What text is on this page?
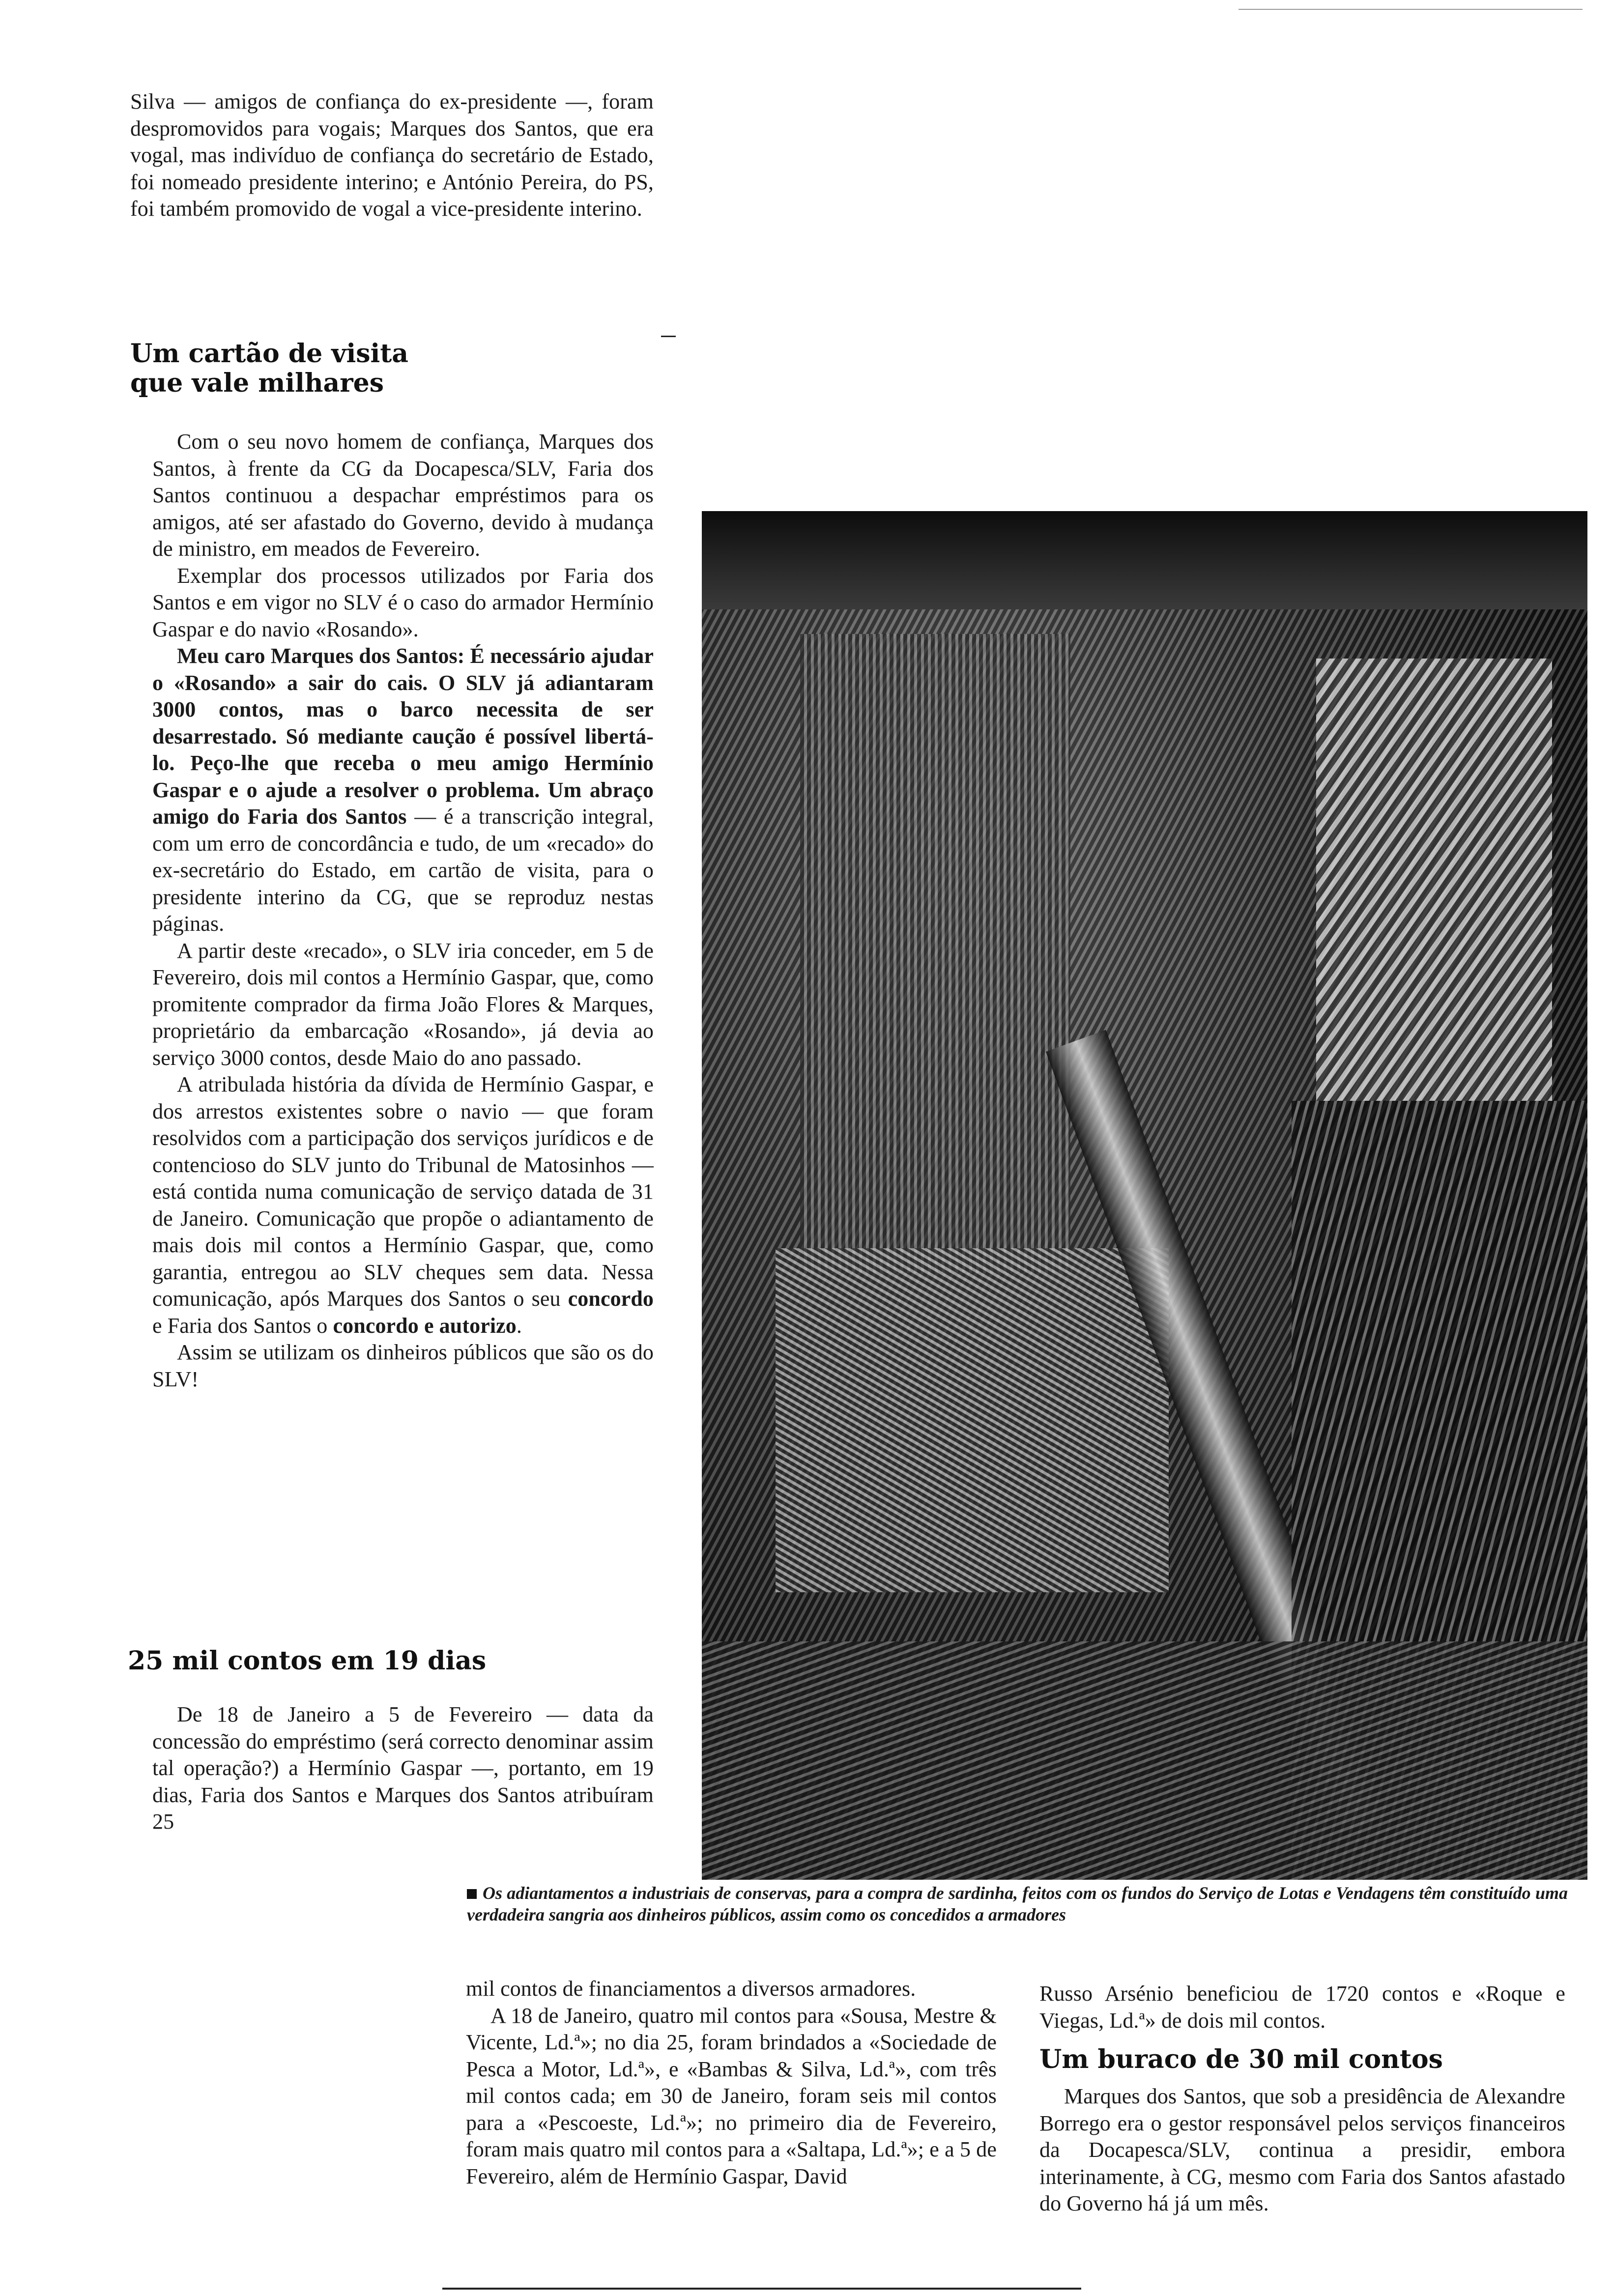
Silva — amigos de confiança do ex-presidente —, foram despromovidos para vogais; Marques dos Santos, que era vogal, mas indivíduo de confiança do secretário de Estado, foi nomeado presidente interino; e António Pereira, do PS, foi também promovido de vogal a vice-presidente interino.

Um cartão de visita
que vale milhares

Com o seu novo homem de confiança, Marques dos Santos, à frente da CG da Docapesca/SLV, Faria dos Santos continuou a despachar empréstimos para os amigos, até ser afastado do Governo, devido à mudança de ministro, em meados de Fevereiro.

Exemplar dos processos utilizados por Faria dos Santos e em vigor no SLV é o caso do armador Hermínio Gaspar e do navio «Rosando».

Meu caro Marques dos Santos: É necessário ajudar o «Rosando» a sair do cais. O SLV já adiantaram 3000 contos, mas o barco necessita de ser desarrestado. Só mediante caução é possível libertá-lo. Peço-lhe que receba o meu amigo Hermínio Gaspar e o ajude a resolver o problema. Um abraço amigo do Faria dos Santos — é a transcrição integral, com um erro de concordância e tudo, de um «recado» do ex-secretário do Estado, em cartão de visita, para o presidente interino da CG, que se reproduz nestas páginas.

A partir deste «recado», o SLV iria conceder, em 5 de Fevereiro, dois mil contos a Hermínio Gaspar, que, como promitente comprador da firma João Flores & Marques, proprietário da embarcação «Rosando», já devia ao serviço 3000 contos, desde Maio do ano passado.

A atribulada história da dívida de Hermínio Gaspar, e dos arrestos existentes sobre o navio — que foram resolvidos com a participação dos serviços jurídicos e de contencioso do SLV junto do Tribunal de Matosinhos — está contida numa comunicação de serviço datada de 31 de Janeiro. Comunicação que propõe o adiantamento de mais dois mil contos a Hermínio Gaspar, que, como garantia, entregou ao SLV cheques sem data. Nessa comunicação, após Marques dos Santos o seu concordo e Faria dos Santos o concordo e autorizo.

Assim se utilizam os dinheiros públicos que são os do SLV!

25 mil contos em 19 dias

De 18 de Janeiro a 5 de Fevereiro — data da concessão do empréstimo (será correcto denominar assim tal operação?) a Hermínio Gaspar —, portanto, em 19 dias, Faria dos Santos e Marques dos Santos atribuíram 25

Os adiantamentos a industriais de conservas, para a compra de sardinha, feitos com os fundos do Serviço de Lotas e Vendagens têm constituído uma verdadeira sangria aos dinheiros públicos, assim como os concedidos a armadores

mil contos de financiamentos a diversos armadores.

A 18 de Janeiro, quatro mil contos para «Sousa, Mestre & Vicente, Ld.ª»; no dia 25, foram brindados a «Sociedade de Pesca a Motor, Ld.ª», e «Bambas & Silva, Ld.ª», com três mil contos cada; em 30 de Janeiro, foram seis mil contos para a «Pescoeste, Ld.ª»; no primeiro dia de Fevereiro, foram mais quatro mil contos para a «Saltapa, Ld.ª»; e a 5 de Fevereiro, além de Hermínio Gaspar, David

Russo Arsénio beneficiou de 1720 contos e «Roque e Viegas, Ld.ª» de dois mil contos.

Um buraco de 30 mil contos

Marques dos Santos, que sob a presidência de Alexandre Borrego era o gestor responsável pelos serviços financeiros da Docapesca/SLV, continua a presidir, embora interinamente, à CG, mesmo com Faria dos Santos afastado do Governo há já um mês.
